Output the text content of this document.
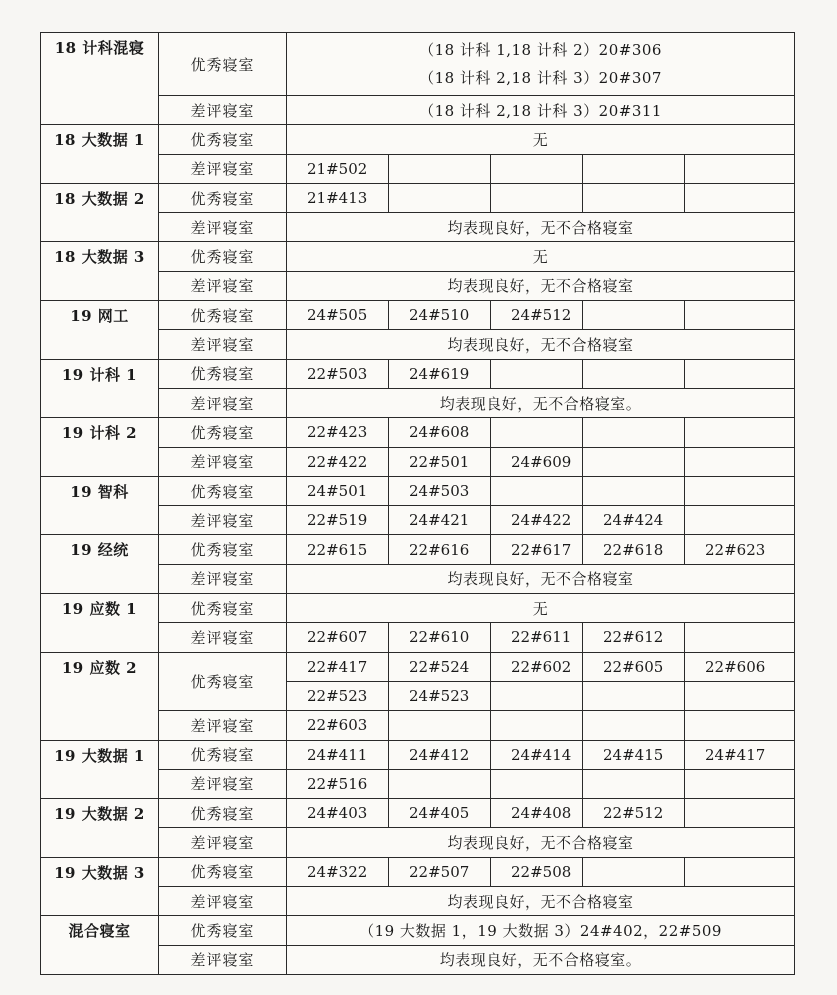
18 计科混寝	优秀寝室	（18 计科 1,18 计科 2）20#306
（18 计科 2,18 计科 3）20#307				

	差评寝室	（18 计科 2,18 计科 3）20#311				
18 大数据 1	优秀寝室	无				
	差评寝室	21#502				
18 大数据 2	优秀寝室	21#413				
	差评寝室	均表现良好，无不合格寝室				
18 大数据 3	优秀寝室	无				
	差评寝室	均表现良好，无不合格寝室				
19 网工	优秀寝室	24#505	24#510	24#512		
	差评寝室	均表现良好，无不合格寝室				
19 计科 1	优秀寝室	22#503	24#619			
	差评寝室	均表现良好，无不合格寝室。				
19 计科 2	优秀寝室	22#423	24#608			
	差评寝室	22#422	22#501	24#609		
19 智科	优秀寝室	24#501	24#503			
	差评寝室	22#519	24#421	24#422	24#424	
19 经统	优秀寝室	22#615	22#616	22#617	22#618	22#623
	差评寝室	均表现良好，无不合格寝室				
19 应数 1	优秀寝室	无				
	差评寝室	22#607	22#610	22#611	22#612	
19 应数 2	优秀寝室	22#417	22#524	22#602	22#605	22#606
		22#523	24#523			
	差评寝室	22#603				
19 大数据 1	优秀寝室	24#411	24#412	24#414	24#415	24#417
	差评寝室	22#516				
19 大数据 2	优秀寝室	24#403	24#405	24#408	22#512	
	差评寝室	均表现良好，无不合格寝室				
19 大数据 3	优秀寝室	24#322	22#507	22#508		
	差评寝室	均表现良好，无不合格寝室				
混合寝室	优秀寝室	（19 大数据 1，19 大数据 3）24#402，22#509				
	差评寝室	均表现良好，无不合格寝室。				
